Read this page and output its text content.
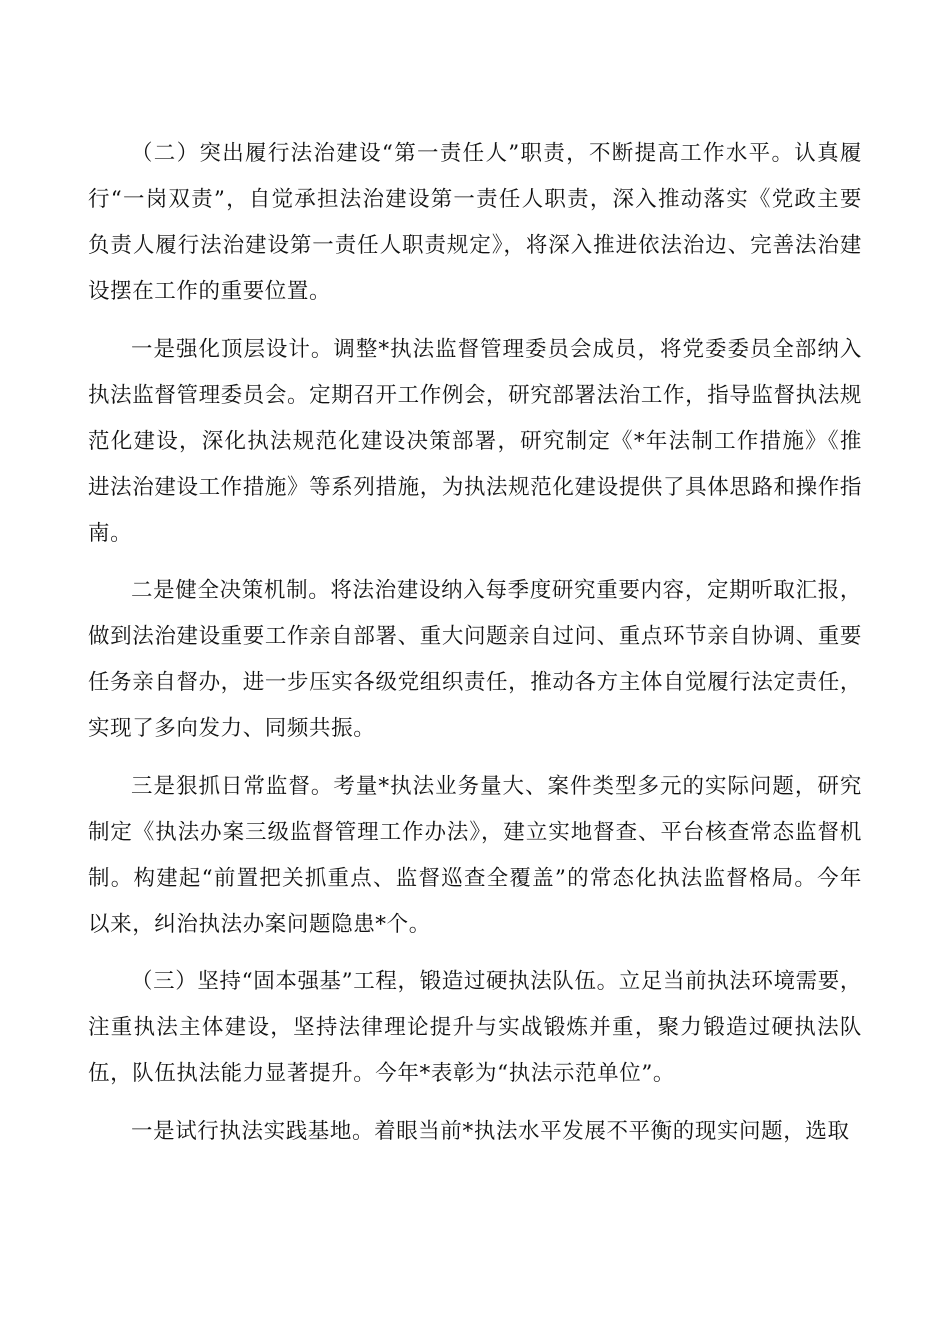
（二）突出履行法治建设“第一责任人”职责，不断提高工作水平。认真履行“一岗双责”，自觉承担法治建设第一责任人职责，深入推动落实《党政主要负责人履行法治建设第一责任人职责规定》，将深入推进依法治边、完善法治建设摆在工作的重要位置。

一是强化顶层设计。调整*执法监督管理委员会成员，将党委委员全部纳入执法监督管理委员会。定期召开工作例会，研究部署法治工作，指导监督执法规范化建设，深化执法规范化建设决策部署，研究制定《*年法制工作措施》《推进法治建设工作措施》等系列措施，为执法规范化建设提供了具体思路和操作指南。

二是健全决策机制。将法治建设纳入每季度研究重要内容，定期听取汇报，做到法治建设重要工作亲自部署、重大问题亲自过问、重点环节亲自协调、重要任务亲自督办，进一步压实各级党组织责任，推动各方主体自觉履行法定责任，实现了多向发力、同频共振。

三是狠抓日常监督。考量*执法业务量大、案件类型多元的实际问题，研究制定《执法办案三级监督管理工作办法》，建立实地督查、平台核查常态监督机制。构建起“前置把关抓重点、监督巡查全覆盖”的常态化执法监督格局。今年以来，纠治执法办案问题隐患*个。

（三）坚持“固本强基”工程，锻造过硬执法队伍。立足当前执法环境需要，注重执法主体建设，坚持法律理论提升与实战锻炼并重，聚力锻造过硬执法队伍，队伍执法能力显著提升。今年*表彰为“执法示范单位”。

一是试行执法实践基地。着眼当前*执法水平发展不平衡的现实问题，选取
